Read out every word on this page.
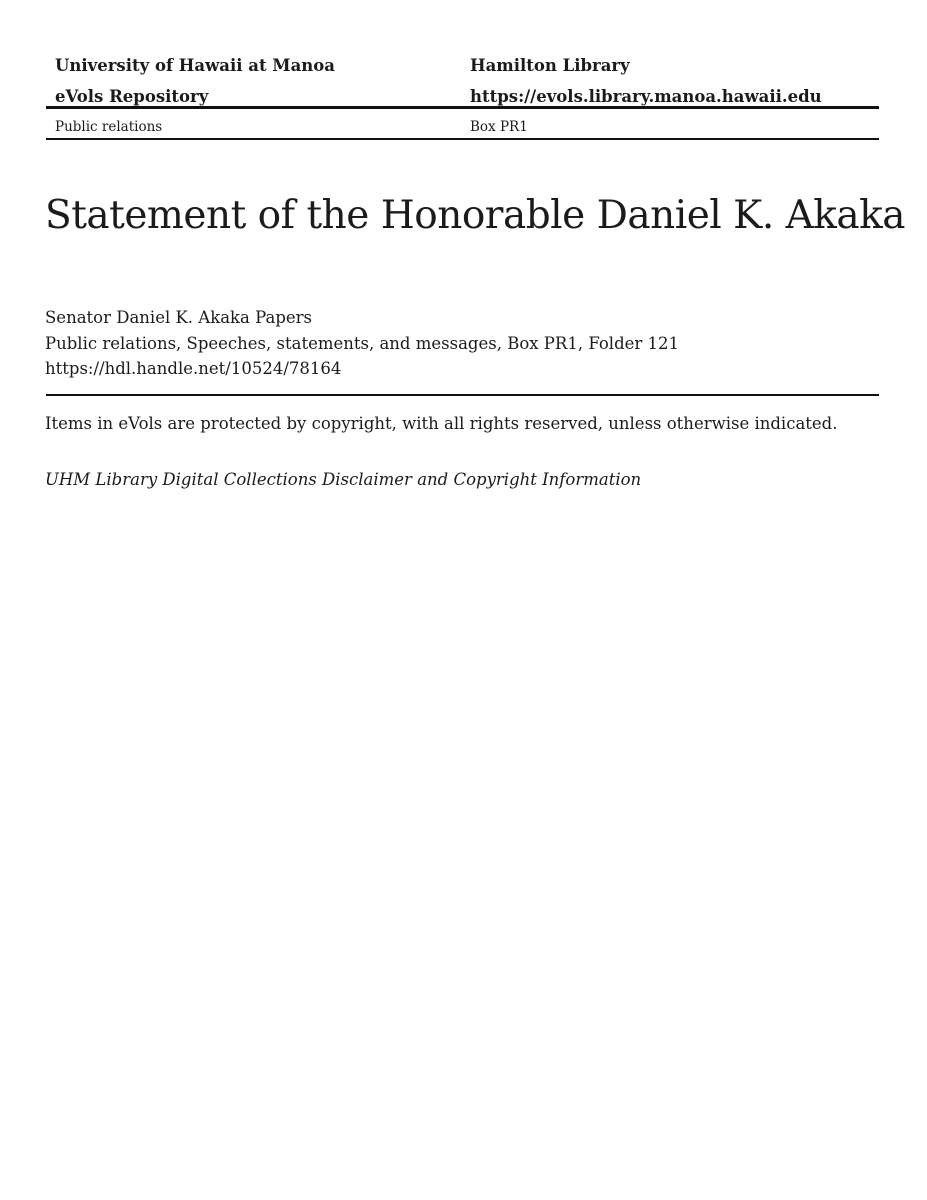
University of Hawaii at Manoa	Hamilton Library
eVols Repository	https://evols.library.manoa.hawaii.edu
Public relations	Box PR1
Statement of the Honorable Daniel K. Akaka
Senator Daniel K. Akaka Papers
Public relations, Speeches, statements, and messages, Box PR1, Folder 121
https://hdl.handle.net/10524/78164
Items in eVols are protected by copyright, with all rights reserved, unless otherwise indicated.
UHM Library Digital Collections Disclaimer and Copyright Information
